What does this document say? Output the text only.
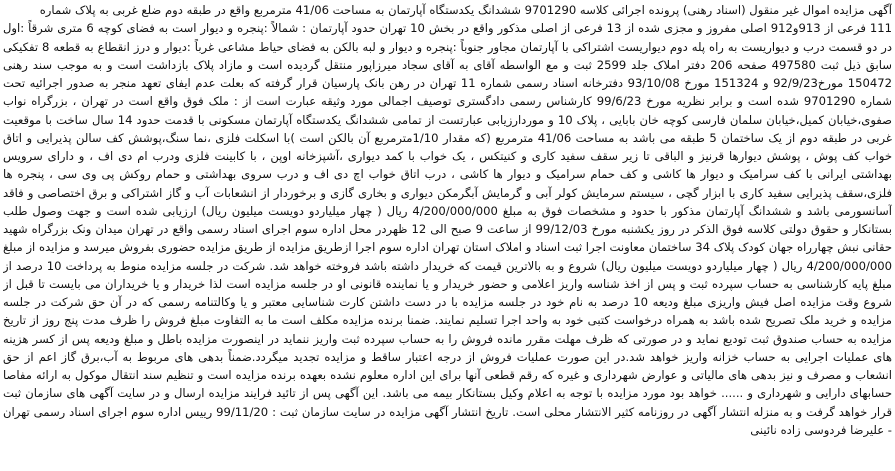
آگهی مزایده اموال غیر منقول (اسناد رهنی) پرونده اجرائی کلاسه 9701290 ششدانگ یکدستگاه آپارتمان به مساحت 41/06 مترمربع واقع در طبقه دوم ضلع غربی به پلاک شماره

111 فرعی از 913و912 اصلی مفروز و مجزی شده از 13 فرعی از اصلی مذکور واقع در بخش 10 تهران حدود آپارتمان : شمالاً :پنجره و دیوار است به فضای کوچه 6 متری شرقاً :اول در دو قسمت درب و دیواریست به راه پله دوم دیواریست اشتراکی با آپارتمان مجاور جنوباً :پنجره و دیوار و لبه بالکن به فضای حیاط مشاعی غرباً :دیوار و درز انقطاع به قطعه 8 تفکیکی سابق ذیل ثبت 497580 صفحه 206 دفتر املاک جلد 2599 ثبت و مع الواسطه آقای به آقای سجاد میرزاپور منتقل گردیده است و مازاد پلاک بازداشت است و به موجب سند رهنی 150472 مورخ92/9/23 و 151324 مورخ 93/10/08 دفترخانه اسناد رسمی شماره 11 تهران در رهن بانک پارسیان قرار گرفته که بعلت عدم ایفای تعهد منجر به صدور اجرائیه تحت شماره 9701290 شده است و برابر نظریه مورخ 99/6/23 کارشناس رسمی دادگستری توصیف اجمالی مورد وثیقه عبارت است از : ملک فوق واقع است در تهران ، بزرگراه نواب صفوی،خیابان کمیل،خیابان سلمان فارسی کوچه خان بابایی ، پلاک 10 و موردارزیابی عبارتست از تمامی ششدانگ یکدستگاه آپارتمان مسکونی با قدمت حدود 14 سال ساخت با موقعیت غربی در طبقه دوم از یک ساختمان 5 طبقه می باشد به مساحت 41/06 مترمربع (که مقدار 1/10مترمربع آن بالکن است )با اسکلت فلزی ،نما سنگ،پوشش کف سالن پذیرایی و اتاق خواب کف پوش ، پوشش دیوارها قرنیز و الباقی تا زیر سقف سفید کاری و کنیتکس ، یک خواب با کمد دیواری ،آشپزخانه اوپن ، با کابینت فلزی ودرب ام دی اف ، و دارای سرویس بهداشتی ایرانی با کف سرامیک و دیوار ها کاشی و کف حمام سرامیک و دیوار ها کاشی ، درب اتاق خواب اچ دی اف و درب سروی بهداشتی و حمام روکش پی وی سی ، پنجره ها فلزی،سقف پذیرایی سفید کاری با ابزار گچی ، سیستم سرمایش کولر آبی و گرمایش آبگرمکن دیواری و بخاری گازی و برخوردار از انشعابات آب و گاز اشتراکی و برق اختصاصی و فاقد آسانسورمی باشد و ششدانگ آپارتمان مذکور با حدود و مشخصات فوق به مبلغ 4/200/000/000 ریال ( چهار میلیاردو دویست میلیون ریال) ارزیابی شده است و جهت وصول طلب بستانکار و حقوق دولتی کلاسه فوق الذکر در روز یکشنبه مورخ 99/12/03 از ساعت 9 صبح الی 12 ظهردر محل اداره سوم اجرای اسناد رسمی واقع در تهران میدان ونک بزرگراه شهید حقانی نبش چهارراه جهان کودک پلاک 34 ساختمان معاونت اجرا ثبت اسناد و املاک استان تهران اداره سوم اجرا ازطریق مزایده از طریق مزایده حضوری بفروش میرسد و مزایده از مبلغ 4/200/000/000 ریال ( چهار میلیاردو دویست میلیون ریال) شروع و به بالاترین قیمت که خریدار داشته باشد فروخته خواهد شد. شرکت در جلسه مزایده منوط به پرداخت 10 درصد از مبلغ پایه کارشناسی به حساب سپرده ثبت و پس از اخذ شناسه واریز اعلامی و حضور خریدار و یا نماینده قانونی او در جلسه مزایده است لذا خریدار و یا خریداران می بایست تا قبل از شروع وقت مزایده اصل فیش واریزی مبلغ ودیعه 10 درصد به نام خود در جلسه مزایده با در دست داشتن کارت شناسایی معتبر و یا وکالتنامه رسمی که در آن حق شرکت در جلسه مزایده و خرید ملک تصریح شده باشد به همراه درخواست کتبی خود به واحد اجرا تسلیم نمایند. ضمنا برنده مزایده مکلف است ما به التفاوت مبلغ فروش را ظرف مدت پنج روز از تاریخ مزایده به حساب صندوق ثبت تودیع نماید و در صورتی که ظرف مهلت مقرر مانده فروش را به حساب سپرده ثبت واریز ننماید در اینصورت مزایده باطل و مبلغ ودیعه پس از کسر هزینه های عملیات اجرایی به حساب خزانه واریز خواهد شد.در این صورت عملیات فروش از درجه اعتبار ساقط و مزایده تجدید میگردد.ضمناً بدهی های مربوط به آب،برق گاز اعم از حق انشعاب و مصرف و نیز بدهی های مالیاتی و عوارض شهرداری و غیره که رقم قطعی آنها برای این اداره معلوم نشده بعهده برنده مزایده است و تنظیم سند انتقال موکول به ارائه مفاصا حسابهای دارایی و شهرداری و ...... خواهد بود مورد مزایده با توجه به اعلام وکیل بستانکار بیمه می باشد. این آگهی پس از تائید فرایند مزایده ارسال و در سایت آگهی های سازمان ثبت قرار خواهد گرفت و به منزله انتشار آگهی در روزنامه کثیر الانتشار محلی است. تاریخ انتشار آگهی مزایده در سایت سازمان ثبت : 99/11/20 رییس اداره سوم اجرای اسناد رسمی تهران - علیرضا فردوسی زاده نائینی
